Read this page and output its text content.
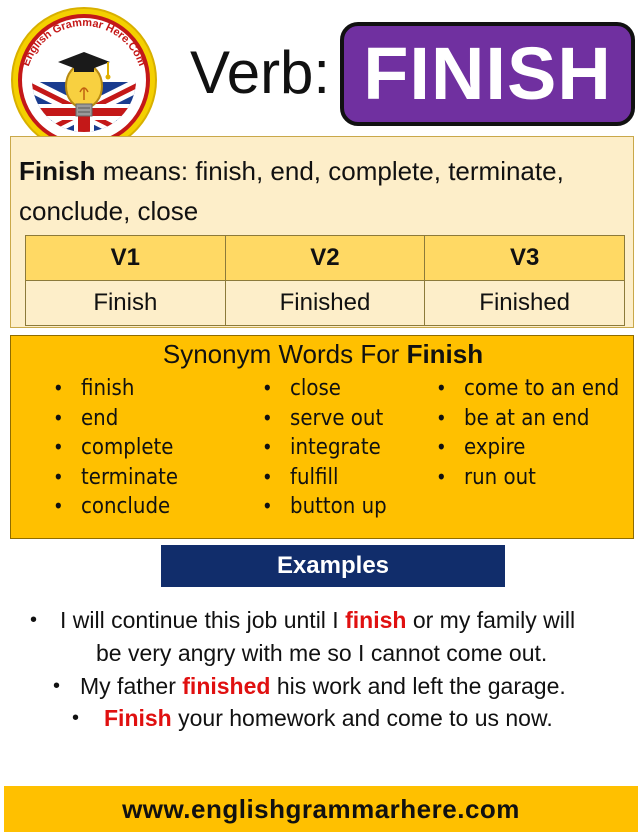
English Grammar Here.Com Verb: FINISH
Finish means: finish, end, complete, terminate, conclude, close
V1	V2	V3
Finish	Finished	Finished
Synonym Words For Finish
• finish
• end
• complete
• terminate
• conclude
• close
• serve out
• integrate
• fulfill
• button up
• come to an end
• be at an end
• expire
• run out
Examples
• I will continue this job until I finish or my family will
be very angry with me so I cannot come out.
• My father finished his work and left the garage.
• Finish your homework and come to us now.
www.englishgrammarhere.com
